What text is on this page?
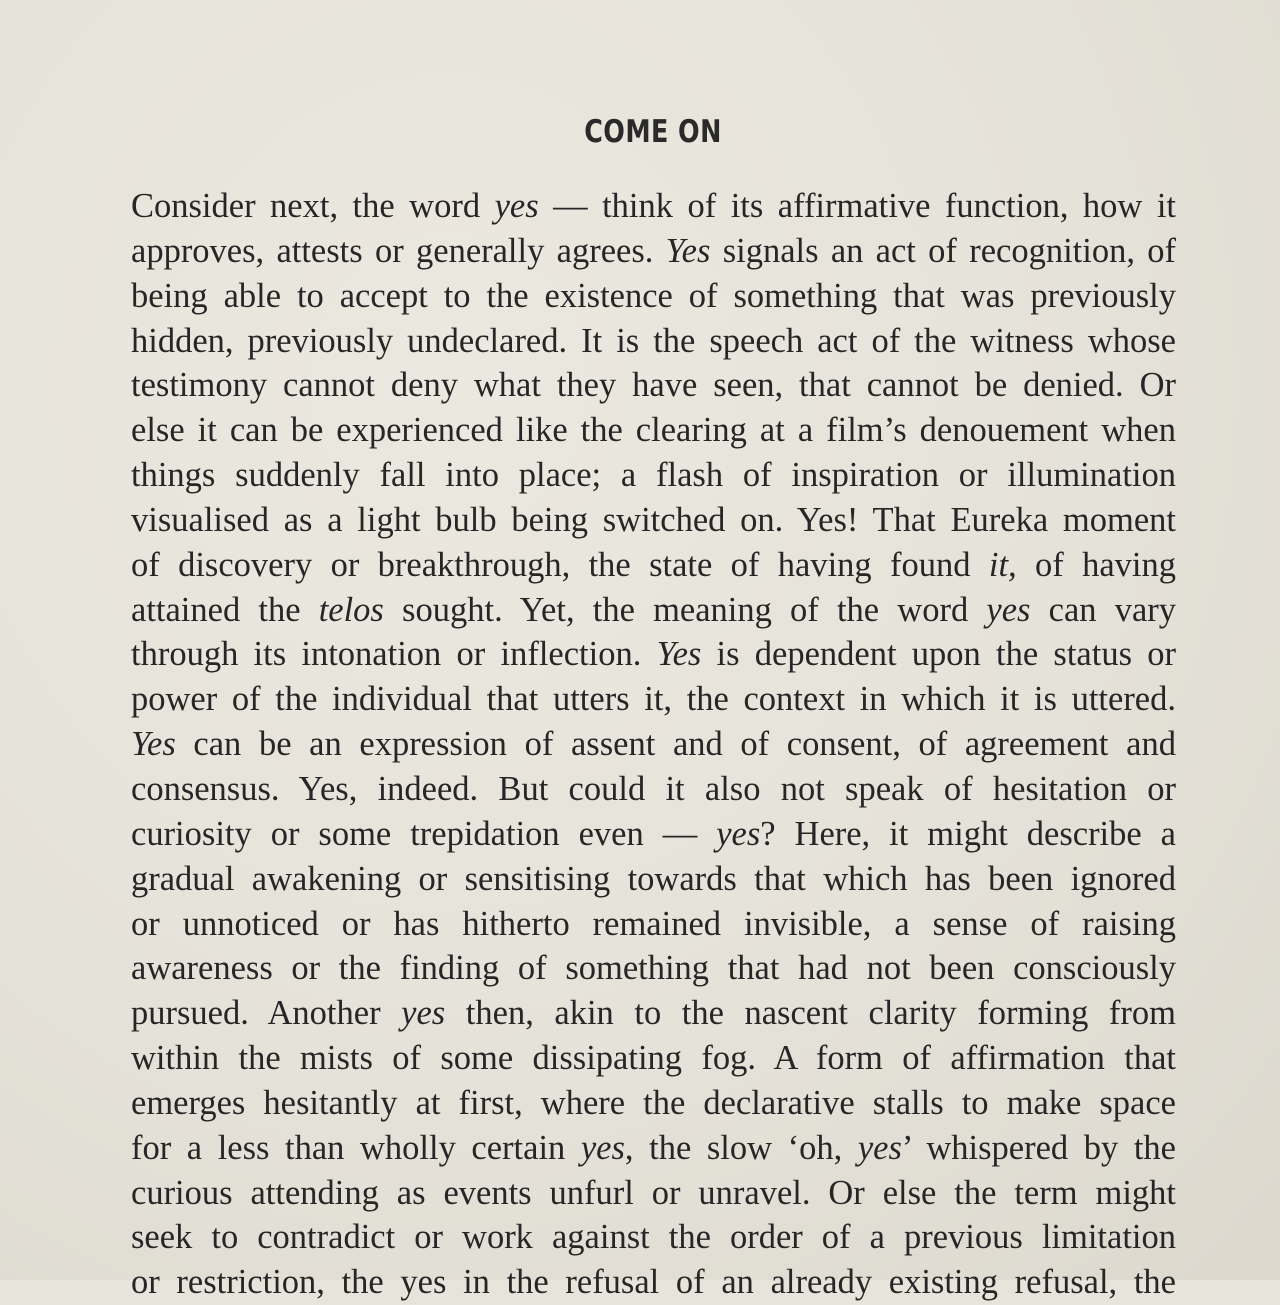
COME ON
Consider next, the word yes — think of its affirmative function, how it
approves, attests or generally agrees. Yes signals an act of recognition, of
being able to accept to the existence of something that was previously
hidden, previously undeclared. It is the speech act of the witness whose
testimony cannot deny what they have seen, that cannot be denied. Or
else it can be experienced like the clearing at a film’s denouement when
things suddenly fall into place; a flash of inspiration or illumination
visualised as a light bulb being switched on. Yes! That Eureka moment
of discovery or breakthrough, the state of having found it, of having
attained the telos sought. Yet, the meaning of the word yes can vary
through its intonation or inflection. Yes is dependent upon the status or
power of the individual that utters it, the context in which it is uttered.
Yes can be an expression of assent and of consent, of agreement and
consensus. Yes, indeed. But could it also not speak of hesitation or
curiosity or some trepidation even — yes? Here, it might describe a
gradual awakening or sensitising towards that which has been ignored
or unnoticed or has hitherto remained invisible, a sense of raising
awareness or the finding of something that had not been consciously
pursued. Another yes then, akin to the nascent clarity forming from
within the mists of some dissipating fog. A form of affirmation that
emerges hesitantly at first, where the declarative stalls to make space
for a less than wholly certain yes, the slow ‘oh, yes’ whispered by the
curious attending as events unfurl or unravel. Or else the term might
seek to contradict or work against the order of a previous limitation
or restriction, the yes in the refusal of an already existing refusal, the
